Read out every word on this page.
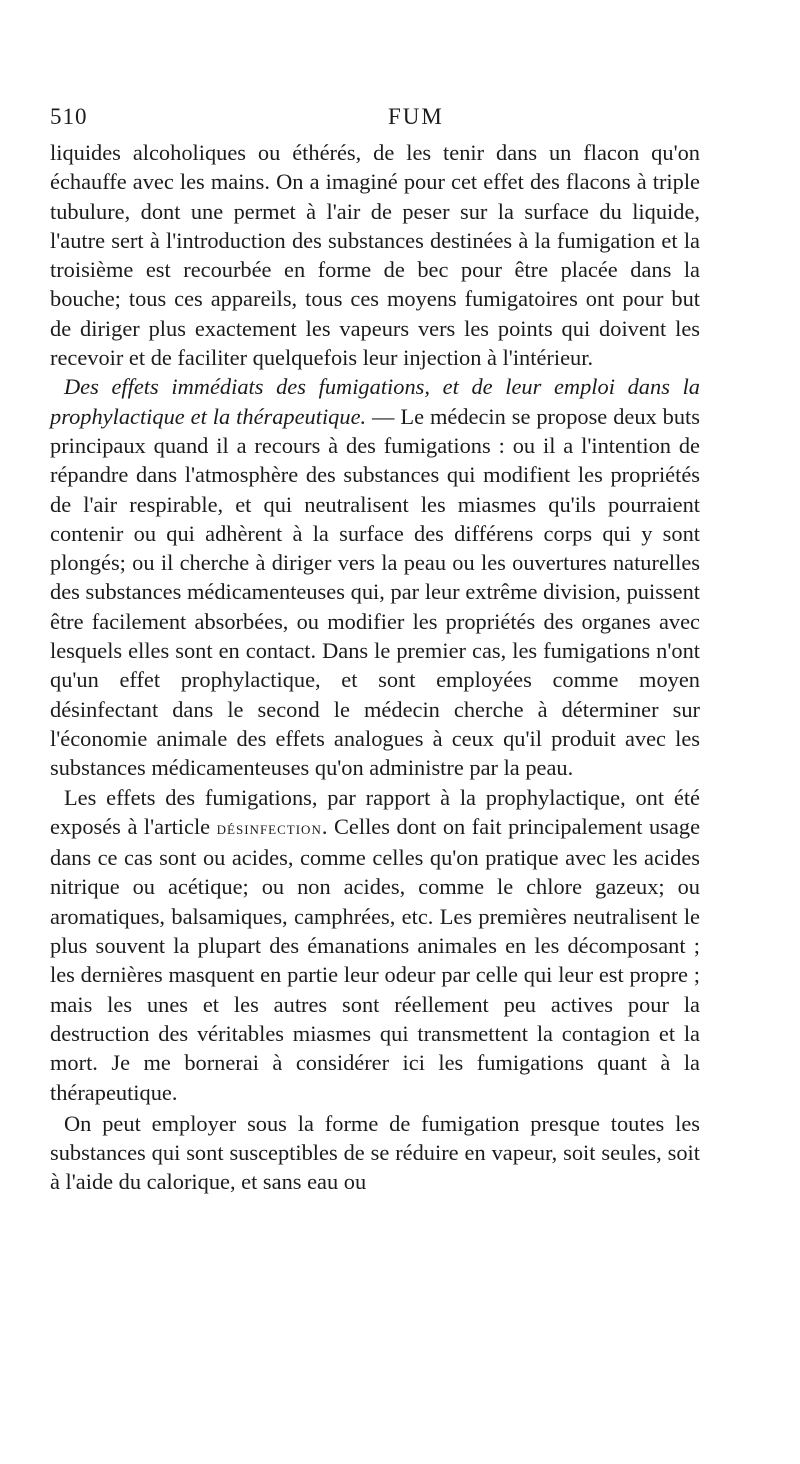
510	FUM

liquides alcoholiques ou éthérés, de les tenir dans un flacon qu'on échauffe avec les mains. On a imaginé pour cet effet des flacons à triple tubulure, dont une permet à l'air de peser sur la surface du liquide, l'autre sert à l'introduction des substances destinées à la fumigation et la troisième est recourbée en forme de bec pour être placée dans la bouche; tous ces appareils, tous ces moyens fumigatoires ont pour but de diriger plus exactement les vapeurs vers les points qui doivent les recevoir et de faciliter quelquefois leur injection à l'intérieur.

Des effets immédiats des fumigations, et de leur emploi dans la prophylactique et la thérapeutique. — Le médecin se propose deux buts principaux quand il a recours à des fumigations : ou il a l'intention de répandre dans l'atmosphère des substances qui modifient les propriétés de l'air respirable, et qui neutralisent les miasmes qu'ils pourraient contenir ou qui adhèrent à la surface des différens corps qui y sont plongés; ou il cherche à diriger vers la peau ou les ouvertures naturelles des substances médicamenteuses qui, par leur extrême division, puissent être facilement absorbées, ou modifier les propriétés des organes avec lesquels elles sont en contact. Dans le premier cas, les fumigations n'ont qu'un effet prophylactique, et sont employées comme moyen désinfectant dans le second le médecin cherche à déterminer sur l'économie animale des effets analogues à ceux qu'il produit avec les substances médicamenteuses qu'on administre par la peau.

Les effets des fumigations, par rapport à la prophylactique, ont été exposés à l'article désinfection. Celles dont on fait principalement usage dans ce cas sont ou acides, comme celles qu'on pratique avec les acides nitrique ou acétique; ou non acides, comme le chlore gazeux; ou aromatiques, balsamiques, camphrées, etc. Les premières neutralisent le plus souvent la plupart des émanations animales en les décomposant ; les dernières masquent en partie leur odeur par celle qui leur est propre ; mais les unes et les autres sont réellement peu actives pour la destruction des véritables miasmes qui transmettent la contagion et la mort. Je me bornerai à considérer ici les fumigations quant à la thérapeutique.

On peut employer sous la forme de fumigation presque toutes les substances qui sont susceptibles de se réduire en vapeur, soit seules, soit à l'aide du calorique, et sans eau ou
